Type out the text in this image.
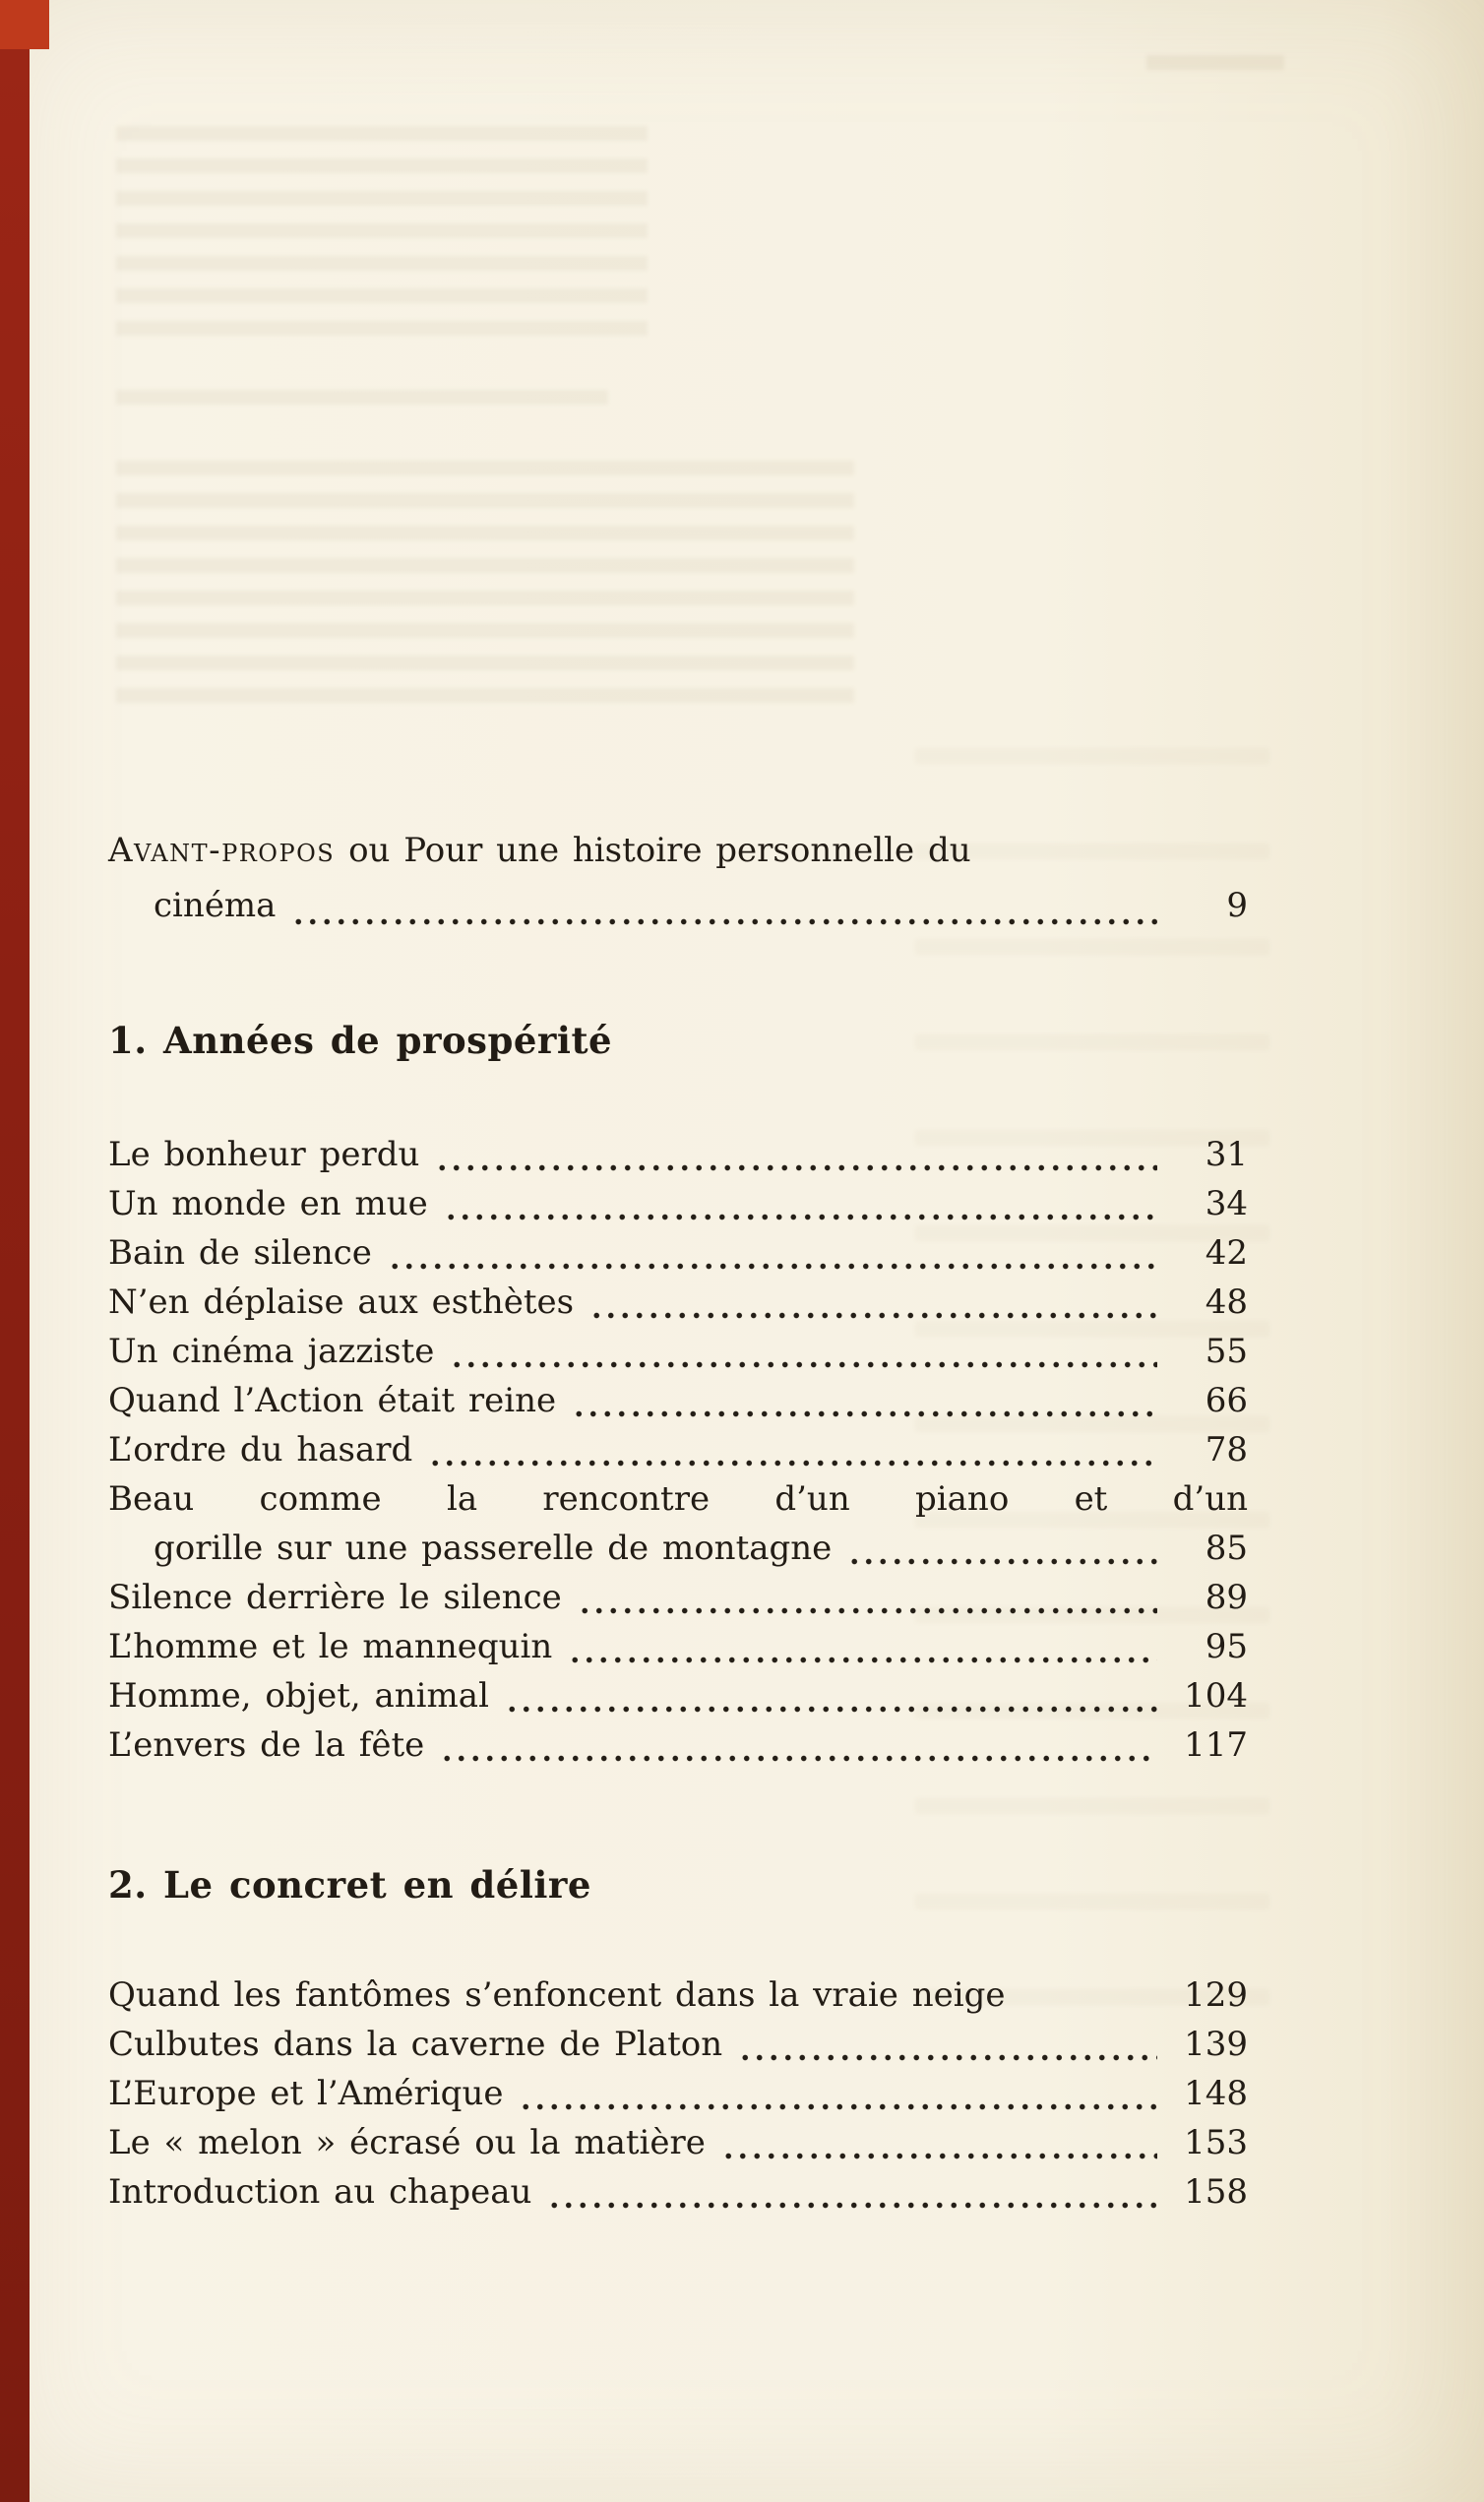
Avant-propos ou Pour une histoire personnelle du
cinéma	9
1. Années de prospérité
Le bonheur perdu	31
Un monde en mue	34
Bain de silence	42
N’en déplaise aux esthètes	48
Un cinéma jazziste	55
Quand l’Action était reine	66
L’ordre du hasard	78
Beau comme la rencontre d’un piano et d’un
gorille sur une passerelle de montagne	85
Silence derrière le silence	89
L’homme et le mannequin	95
Homme, objet, animal	104
L’envers de la fête	117
2. Le concret en délire
Quand les fantômes s’enfoncent dans la vraie neige	129
Culbutes dans la caverne de Platon	139
L’Europe et l’Amérique	148
Le « melon » écrasé ou la matière	153
Introduction au chapeau	158
